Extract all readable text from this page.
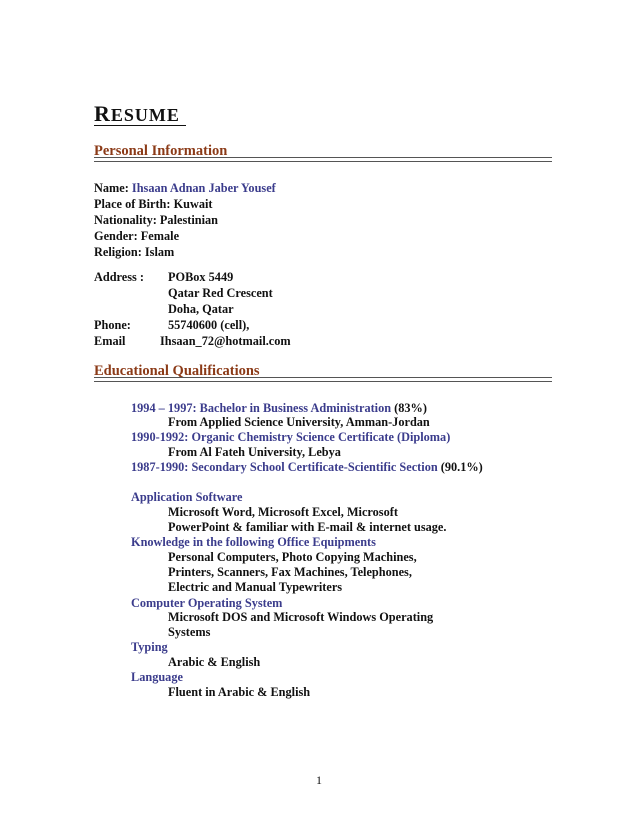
RESUME
Personal Information
Name: Ihsaan Adnan Jaber Yousef
Place of Birth: Kuwait
Nationality: Palestinian
Gender: Female
Religion: Islam
Address : POBox 5449
Qatar Red Crescent
Doha, Qatar
Phone:	55740600 (cell),
Email	Ihsaan_72@hotmail.com
Educational Qualifications
1994 – 1997: Bachelor in Business Administration (83%)
From Applied Science University, Amman-Jordan
1990-1992: Organic Chemistry Science Certificate (Diploma)
From Al Fateh University, Lebya
1987-1990: Secondary School Certificate-Scientific Section (90.1%)
Application Software
Microsoft Word, Microsoft Excel, Microsoft
PowerPoint & familiar with E-mail & internet usage.
Knowledge in the following Office Equipments
Personal Computers, Photo Copying Machines,
Printers, Scanners, Fax Machines, Telephones,
Electric and Manual Typewriters
Computer Operating System
Microsoft DOS and Microsoft Windows Operating
Systems
Typing
Arabic & English
Language
Fluent in Arabic & English
1
